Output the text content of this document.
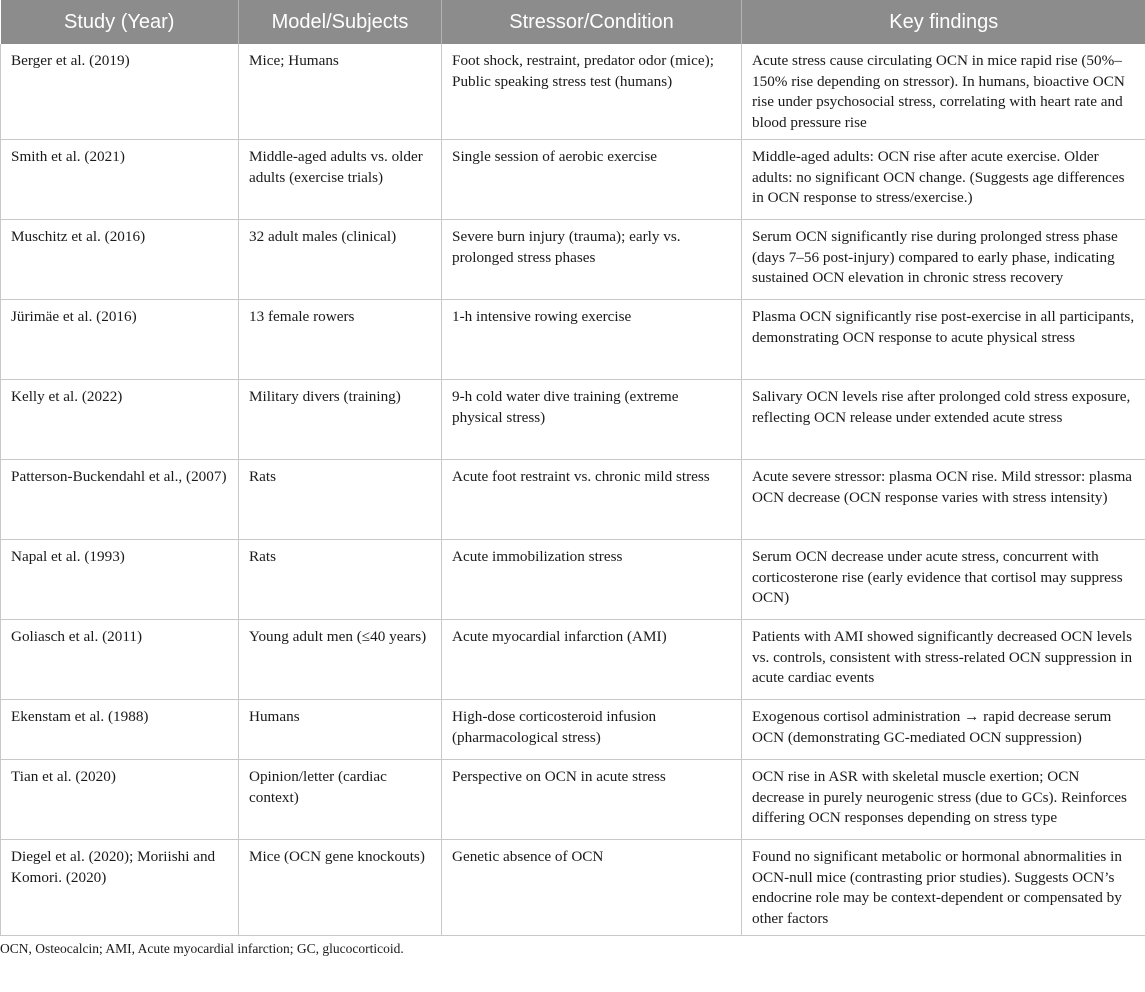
Study (Year)	Model/Subjects	Stressor/Condition	Key findings
Berger et al. (2019)	Mice; Humans	Foot shock, restraint, predator odor (mice); Public speaking stress test (humans)	Acute stress cause circulating OCN in mice rapid rise (50%–150% rise depending on stressor). In humans, bioactive OCN rise under psychosocial stress, correlating with heart rate and blood pressure rise
Smith et al. (2021)	Middle-aged adults vs. older adults (exercise trials)	Single session of aerobic exercise	Middle-aged adults: OCN rise after acute exercise. Older adults: no significant OCN change. (Suggests age differences in OCN response to stress/exercise.)
Muschitz et al. (2016)	32 adult males (clinical)	Severe burn injury (trauma); early vs. prolonged stress phases	Serum OCN significantly rise during prolonged stress phase (days 7–56 post-injury) compared to early phase, indicating sustained OCN elevation in chronic stress recovery
Jürimäe et al. (2016)	13 female rowers	1-h intensive rowing exercise	Plasma OCN significantly rise post-exercise in all participants, demonstrating OCN response to acute physical stress
Kelly et al. (2022)	Military divers (training)	9-h cold water dive training (extreme physical stress)	Salivary OCN levels rise after prolonged cold stress exposure, reflecting OCN release under extended acute stress
Patterson-Buckendahl et al., (2007)	Rats	Acute foot restraint vs. chronic mild stress	Acute severe stressor: plasma OCN rise. Mild stressor: plasma OCN decrease (OCN response varies with stress intensity)
Napal et al. (1993)	Rats	Acute immobilization stress	Serum OCN decrease under acute stress, concurrent with corticosterone rise (early evidence that cortisol may suppress OCN)
Goliasch et al. (2011)	Young adult men (≤40 years)	Acute myocardial infarction (AMI)	Patients with AMI showed significantly decreased OCN levels vs. controls, consistent with stress-related OCN suppression in acute cardiac events
Ekenstam et al. (1988)	Humans	High-dose corticosteroid infusion (pharmacological stress)	Exogenous cortisol administration → rapid decrease serum OCN (demonstrating GC-mediated OCN suppression)
Tian et al. (2020)	Opinion/letter (cardiac context)	Perspective on OCN in acute stress	OCN rise in ASR with skeletal muscle exertion; OCN decrease in purely neurogenic stress (due to GCs). Reinforces differing OCN responses depending on stress type
Diegel et al. (2020); Moriishi and Komori. (2020)	Mice (OCN gene knockouts)	Genetic absence of OCN	Found no significant metabolic or hormonal abnormalities in OCN-null mice (contrasting prior studies). Suggests OCN’s endocrine role may be context-dependent or compensated by other factors
OCN, Osteocalcin; AMI, Acute myocardial infarction; GC, glucocorticoid.
